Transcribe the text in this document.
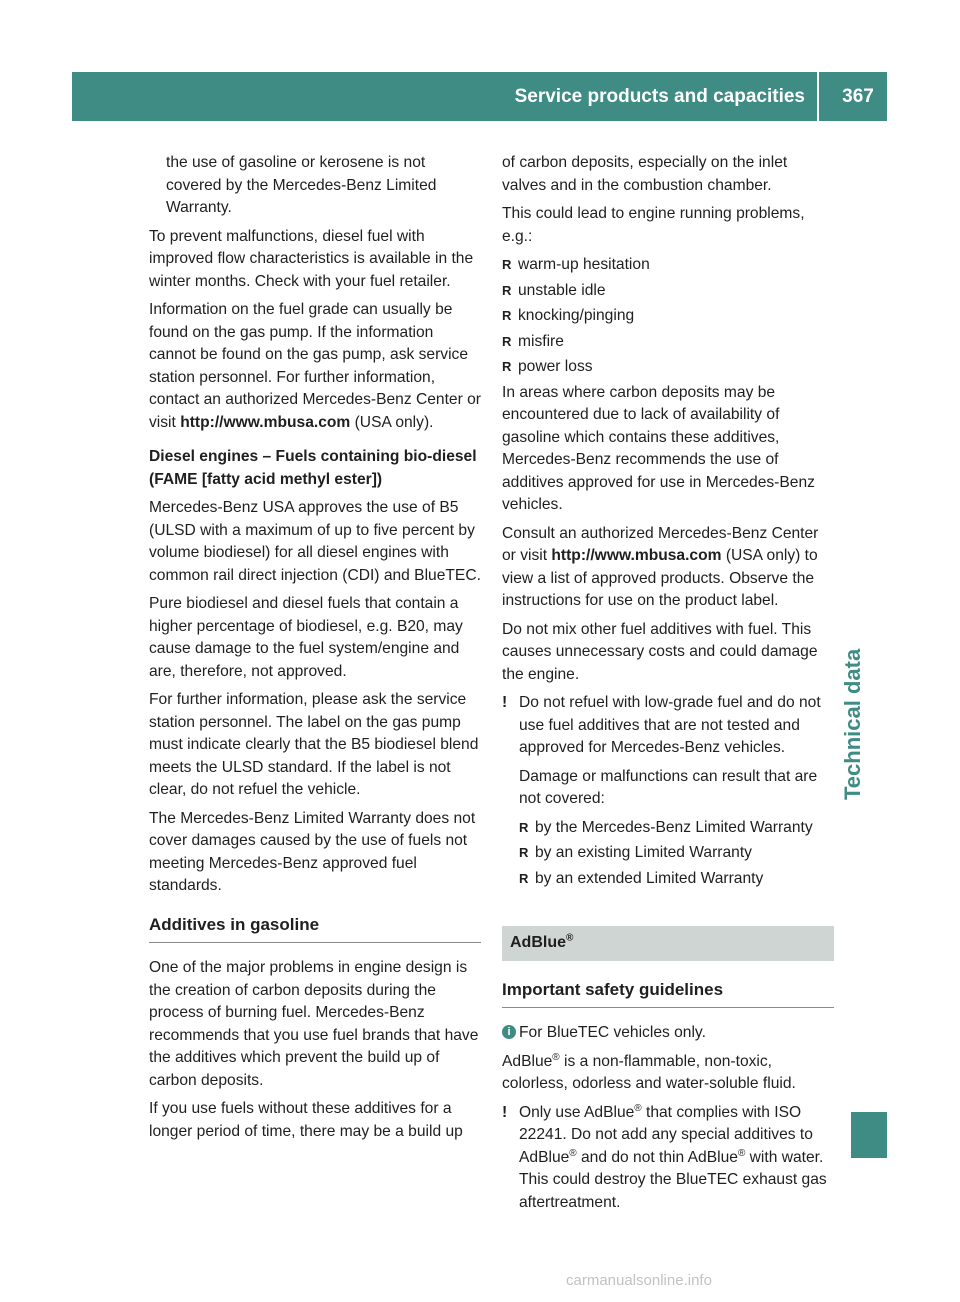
Service products and capacities	367
Technical data

the use of gasoline or kerosene is not covered by the Mercedes-Benz Limited Warranty.

To prevent malfunctions, diesel fuel with improved flow characteristics is available in the winter months. Check with your fuel retailer.

Information on the fuel grade can usually be found on the gas pump. If the information cannot be found on the gas pump, ask service station personnel. For further information, contact an authorized Mercedes-Benz Center or visit http://www.mbusa.com (USA only).

Diesel engines – Fuels containing bio-diesel (FAME [fatty acid methyl ester])

Mercedes-Benz USA approves the use of B5 (ULSD with a maximum of up to five percent by volume biodiesel) for all diesel engines with common rail direct injection (CDI) and BlueTEC.

Pure biodiesel and diesel fuels that contain a higher percentage of biodiesel, e.g. B20, may cause damage to the fuel system/engine and are, therefore, not approved.

For further information, please ask the service station personnel. The label on the gas pump must indicate clearly that the B5 biodiesel blend meets the ULSD standard. If the label is not clear, do not refuel the vehicle.

The Mercedes-Benz Limited Warranty does not cover damages caused by the use of fuels not meeting Mercedes-Benz approved fuel standards.

Additives in gasoline

One of the major problems in engine design is the creation of carbon deposits during the process of burning fuel. Mercedes-Benz recommends that you use fuel brands that have the additives which prevent the build up of carbon deposits.

If you use fuels without these additives for a longer period of time, there may be a build up

of carbon deposits, especially on the inlet valves and in the combustion chamber.

This could lead to engine running problems, e.g.:

R warm-up hesitation
R unstable idle
R knocking/pinging
R misfire
R power loss

In areas where carbon deposits may be encountered due to lack of availability of gasoline which contains these additives, Mercedes-Benz recommends the use of additives approved for use in Mercedes-Benz vehicles.

Consult an authorized Mercedes-Benz Center or visit http://www.mbusa.com (USA only) to view a list of approved products. Observe the instructions for use on the product label.

Do not mix other fuel additives with fuel. This causes unnecessary costs and could damage the engine.

! Do not refuel with low-grade fuel and do not use fuel additives that are not tested and approved for Mercedes-Benz vehicles.

Damage or malfunctions can result that are not covered:

R by the Mercedes-Benz Limited Warranty
R by an existing Limited Warranty
R by an extended Limited Warranty
AdBlue®
Important safety guidelines

i For BlueTEC vehicles only.

AdBlue® is a non-flammable, non-toxic, colorless, odorless and water-soluble fluid.

! Only use AdBlue® that complies with ISO 22241. Do not add any special additives to AdBlue® and do not thin AdBlue® with water. This could destroy the BlueTEC exhaust gas aftertreatment.

carmanualsonline.info
